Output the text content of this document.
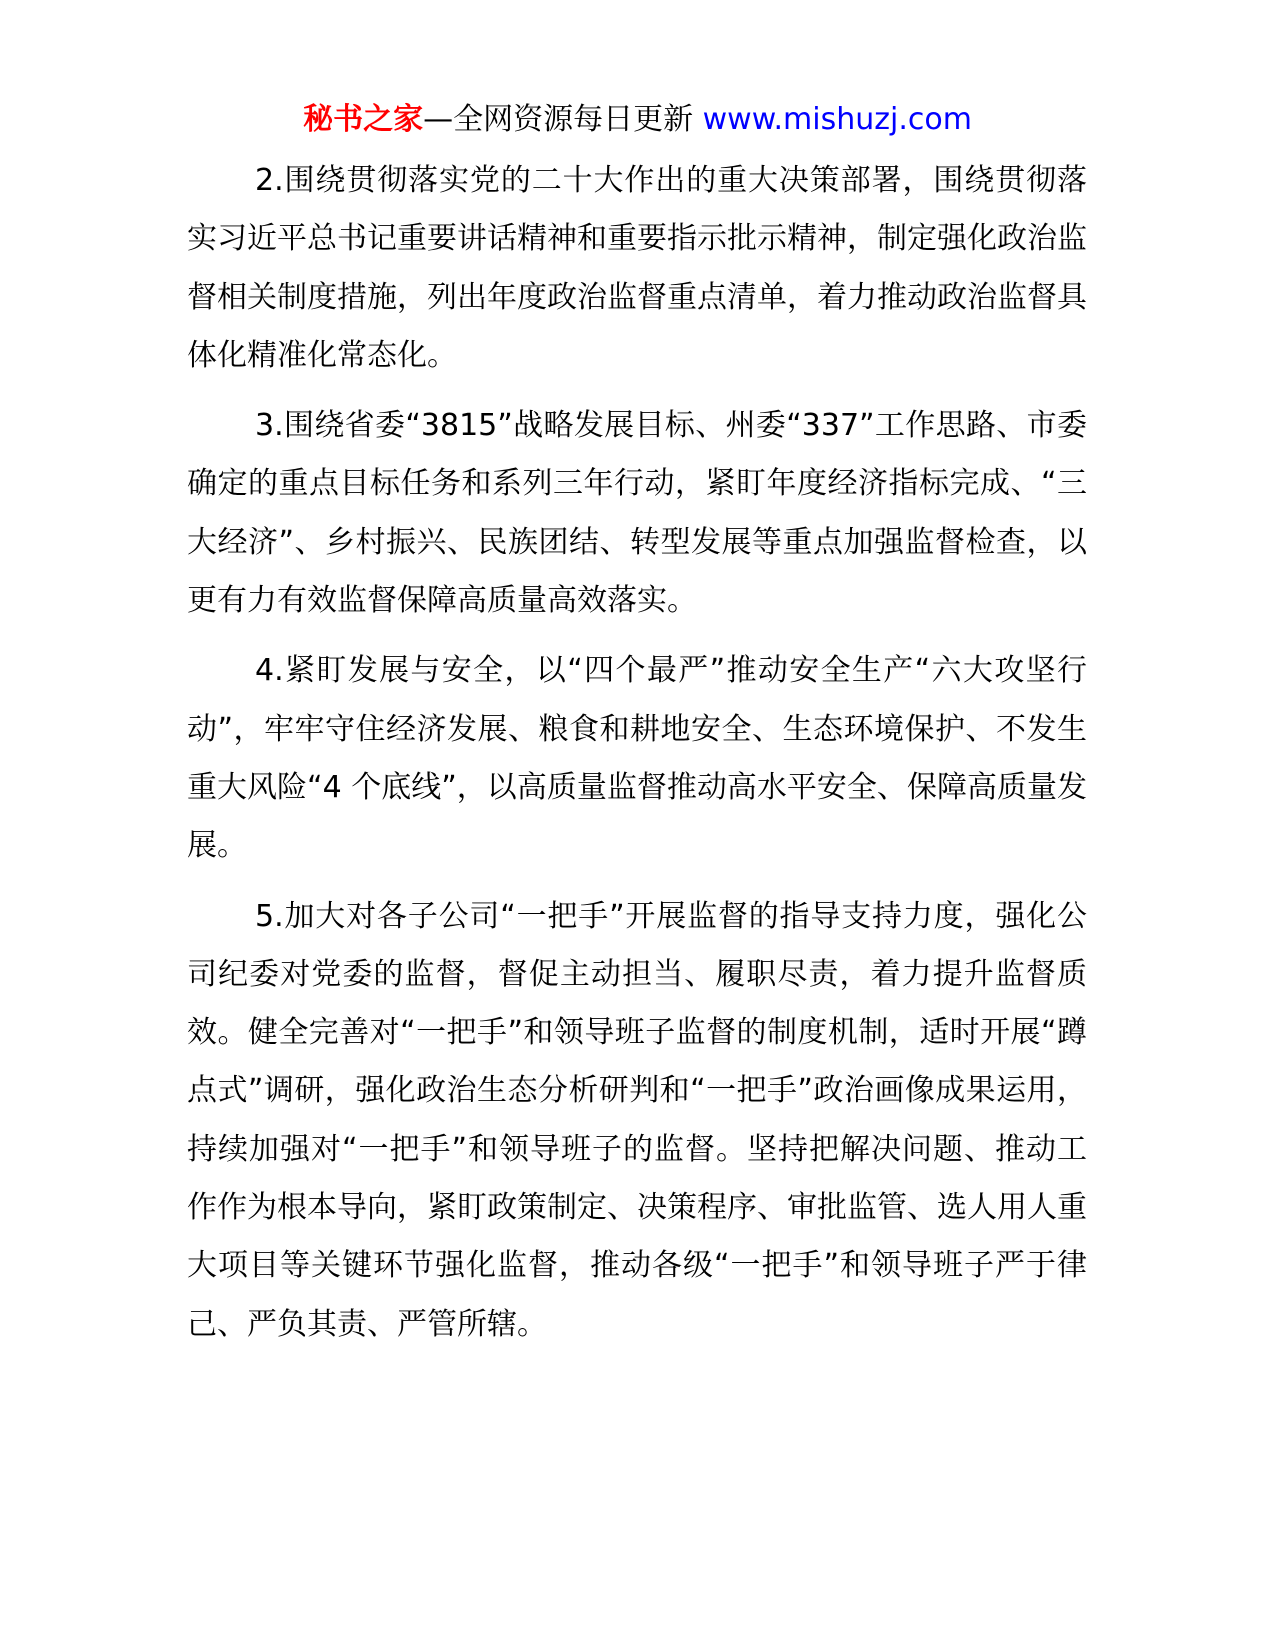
秘书之家—全网资源每日更新 www.mishuzj.com

2.围绕贯彻落实党的二十大作出的重大决策部署，围绕贯彻落实习近平总书记重要讲话精神和重要指示批示精神，制定强化政治监督相关制度措施，列出年度政治监督重点清单，着力推动政治监督具体化精准化常态化。

3.围绕省委“3815”战略发展目标、州委“337”工作思路、市委确定的重点目标任务和系列三年行动，紧盯年度经济指标完成、“三大经济”、乡村振兴、民族团结、转型发展等重点加强监督检查，以更有力有效监督保障高质量高效落实。

4.紧盯发展与安全，以“四个最严”推动安全生产“六大攻坚行动”，牢牢守住经济发展、粮食和耕地安全、生态环境保护、不发生重大风险“4 个底线”，以高质量监督推动高水平安全、保障高质量发展。

5.加大对各子公司“一把手”开展监督的指导支持力度，强化公司纪委对党委的监督，督促主动担当、履职尽责，着力提升监督质效。健全完善对“一把手”和领导班子监督的制度机制，适时开展“蹲点式”调研，强化政治生态分析研判和“一把手”政治画像成果运用，持续加强对“一把手”和领导班子的监督。坚持把解决问题、推动工作作为根本导向，紧盯政策制定、决策程序、审批监管、选人用人重大项目等关键环节强化监督，推动各级“一把手”和领导班子严于律己、严负其责、严管所辖。
